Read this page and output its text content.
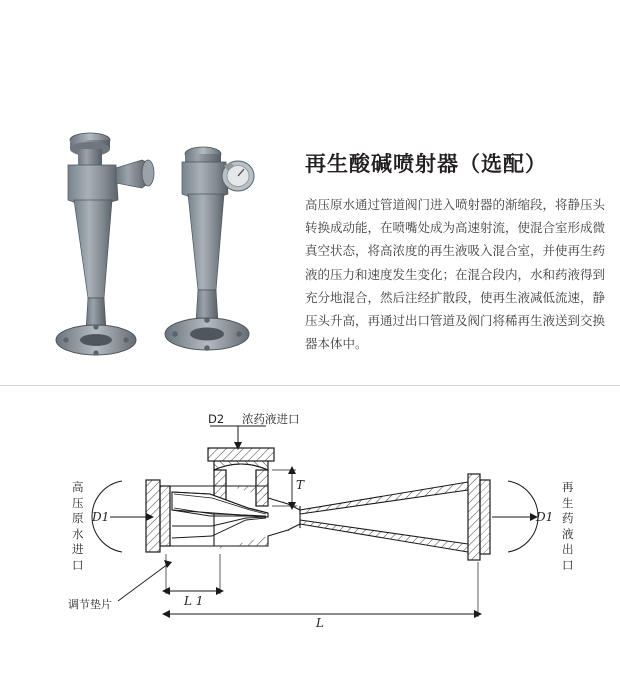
再生酸碱喷射器（选配）

高压原水通过管道阀门进入喷射器的渐缩段，将静压头转换成动能，在喷嘴处成为高速射流，使混合室形成微真空状态，将高浓度的再生液吸入混合室，并使再生药液的压力和速度发生变化；在混合段内，水和药液得到充分地混合，然后注经扩散段，使再生液减低流速，静压头升高，再通过出口管道及阀门将稀再生液送到交换器本体中。

D2 浓药液进口
高压原水进口
D1
再生药液出口
D1
调节垫片	L 1
L
T
